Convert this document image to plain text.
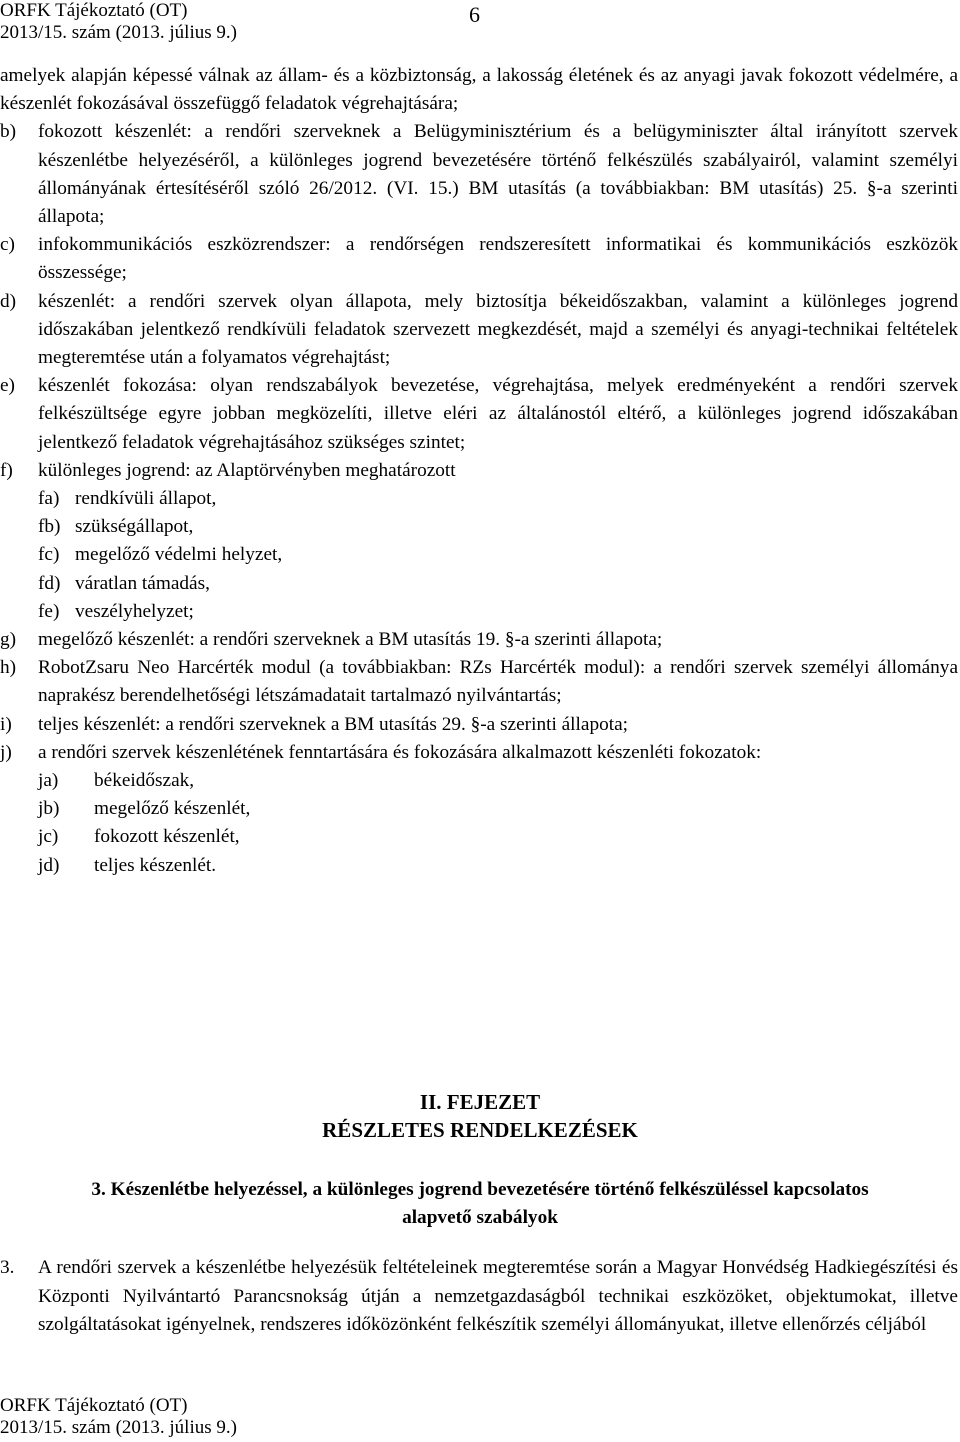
ORFK Tájékoztató (OT)
2013/15. szám (2013. július 9.)
6
amelyek alapján képessé válnak az állam- és a közbiztonság, a lakosság életének és az anyagi javak fokozott védelmére, a készenlét fokozásával összefüggő feladatok végrehajtására;
b)	fokozott készenlét: a rendőri szerveknek a Belügyminisztérium és a belügyminiszter által irányított szervek készenlétbe helyezéséről, a különleges jogrend bevezetésére történő felkészülés szabályairól, valamint személyi állományának értesítéséről szóló 26/2012. (VI. 15.) BM utasítás (a továbbiakban: BM utasítás) 25. §-a szerinti állapota;
c)	infokommunikációs eszközrendszer: a rendőrségen rendszeresített informatikai és kommunikációs eszközök összessége;
d)	készenlét: a rendőri szervek olyan állapota, mely biztosítja békeidőszakban, valamint a különleges jogrend időszakában jelentkező rendkívüli feladatok szervezett megkezdését, majd a személyi és anyagi-technikai feltételek megteremtése után a folyamatos végrehajtást;
e)	készenlét fokozása: olyan rendszabályok bevezetése, végrehajtása, melyek eredményeként a rendőri szervek felkészültsége egyre jobban megközelíti, illetve eléri az általánostól eltérő, a különleges jogrend időszakában jelentkező feladatok végrehajtásához szükséges szintet;
f)	különleges jogrend: az Alaptörvényben meghatározott
fa) rendkívüli állapot,
fb) szükségállapot,
fc) megelőző védelmi helyzet,
fd) váratlan támadás,
fe) veszélyhelyzet;
g)	megelőző készenlét: a rendőri szerveknek a BM utasítás 19. §-a szerinti állapota;
h)	RobotZsaru Neo Harcérték modul (a továbbiakban: RZs Harcérték modul): a rendőri szervek személyi állománya naprakész berendelhetőségi létszámadatait tartalmazó nyilvántartás;
i)	teljes készenlét: a rendőri szerveknek a BM utasítás 29. §-a szerinti állapota;
j)	a rendőri szervek készenlétének fenntartására és fokozására alkalmazott készenléti fokozatok:
ja)	békeidőszak,
jb)	megelőző készenlét,
jc)	fokozott készenlét,
jd)	teljes készenlét.
II. FEJEZET
RÉSZLETES RENDELKEZÉSEK
3. Készenlétbe helyezéssel, a különleges jogrend bevezetésére történő felkészüléssel kapcsolatos alapvető szabályok
3.	A rendőri szervek a készenlétbe helyezésük feltételeinek megteremtése során a Magyar Honvédség Hadkiegészítési és Központi Nyilvántartó Parancsnokság útján a nemzetgazdaságból technikai eszközöket, objektumokat, illetve szolgáltatásokat igényelnek, rendszeres időközönként felkészítik személyi állományukat, illetve ellenőrzés céljából
ORFK Tájékoztató (OT)
2013/15. szám (2013. július 9.)
